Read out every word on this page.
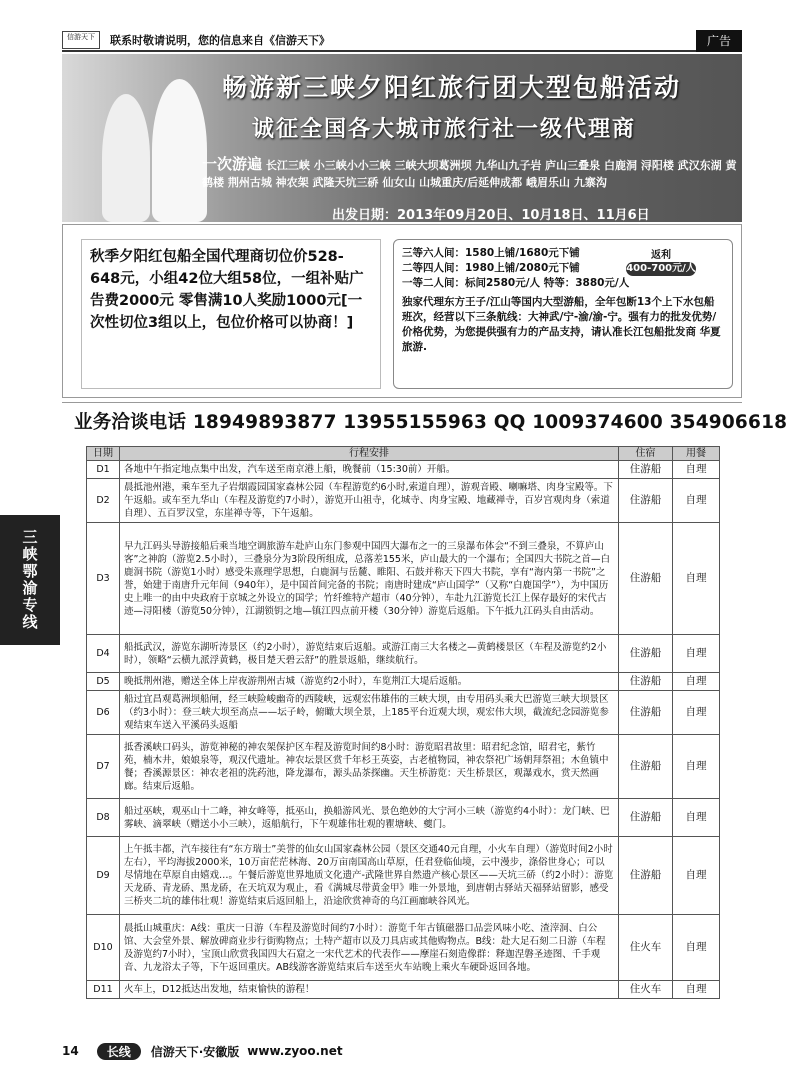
信游天下	联系时敬请说明，您的信息来自《信游天下》	广告
三峡鄂渝专线
畅游新三峡夕阳红旅行团大型包船活动
诚征全国各大城市旅行社一级代理商
一次游遍 长江三峡 小三峡小小三峡 三峡大坝葛洲坝 九华山九子岩 庐山三叠泉 白鹿洞 浔阳楼 武汉东湖 黄鹤楼 荆州古城 神农架 武隆天坑三硚 仙女山 山城重庆/后延伸成都 峨眉乐山 九寨沟
出发日期：2013年09月20日、10月18日、11月6日
秋季夕阳红包船全国代理商切位价528-648元，小组42位大组58位，一组补贴广告费2000元 零售满10人奖励1000元[一次性切位3组以上，包位价格可以协商！]
三等六人间：1580上铺/1680元下铺
二等四人间：1980上铺/2080元下铺
一等二人间：标间2580元/人 特等：3880元/人
返利
400-700元/人
独家代理东方王子/江山等国内大型游船，全年包断13个上下水包船班次，经营以下三条航线：大神武/宁-渝/渝-宁。强有力的批发优势/价格优势，为您提供强有力的产品支持，请认准长江包船批发商 华夏旅游.
业务洽谈电话 18949893877 13955155963 QQ 1009374600 354906618
日期	行程安排	住宿	用餐
D1	各地中午指定地点集中出发，汽车送至南京港上船，晚餐前（15:30前）开船。	住游船	自理
D2	晨抵池州港，乘车至九子岩烟霞园国家森林公园（车程游览约6小时,索道自理），游观音殿、喇嘛塔、肉身宝殿等。下午返船。或车至九华山（车程及游览约7小时），游览开山祖寺，化城寺、肉身宝殿、地藏禅寺，百岁宫观肉身（索道自理）、五百罗汉堂，东崖禅寺等，下午返船。	住游船	自理
D3	早九江码头导游接船后乘当地空调旅游车赴庐山东门参观中国四大瀑布之一的三泉瀑布体会“不到三叠泉，不算庐山客”之神韵（游览2.5小时），三叠泉分为3阶段所组成，总落差155米，庐山最大的一个瀑布；全国四大书院之首—白鹿洞书院（游览1小时）感受朱熹理学思想，白鹿洞与岳麓、睢阳、石鼓并称天下四大书院，享有“海内第一书院”之誉，始建于南唐升元年间（940年），是中国首间完备的书院；南唐时建成“庐山国学”（又称“白鹿国学”），为中国历史上唯一的由中央政府于京城之外设立的国学；竹纤维特产超市（40分钟），车赴九江游览长江上保存最好的宋代古迹—浔阳楼（游览50分钟），江湖锁钥之地—镇江四点前开楼（30分钟）游览后返船。下午抵九江码头自由活动。	住游船	自理
D4	船抵武汉，游览东湖听涛景区（约2小时），游览结束后返船。或游江南三大名楼之—黄鹤楼景区（车程及游览约2小时），领略“云横九派浮黄鹤，极目楚天碧云舒”的胜景返船，继续航行。	住游船	自理
D5	晚抵荆州港，赠送全体上岸夜游荆州古城（游览约2小时），车览荆江大堤后返船。	住游船	自理
D6	船过宜昌观葛洲坝船闸，经三峡险峻幽奇的西陵峡，远观宏伟雄伟的三峡大坝，由专用码头乘大巴游览三峡大坝景区（约3小时）：登三峡大坝至高点——坛子岭，俯瞰大坝全景，上185平台近观大坝，观宏伟大坝，截流纪念园游览参观结束车送入平溪码头返船	住游船	自理
D7	抵香溪峡口码头，游览神秘的神农架保护区车程及游览时间约8小时：游览昭君故里：昭君纪念馆，昭君宅，紫竹苑，楠木井，娘娘泉等，观汉代遗址。神农坛景区赏千年杉王英姿，古老植物园，神农祭祀广场朝拜祭祖；木鱼镇中餐；香溪源景区：神农老祖的洗药池，降龙瀑布，源头品茶探幽。天生桥游览：天生桥景区，观瀑戏水，赏天然画廊。结束后返船。	住游船	自理
D8	船过巫峡，观巫山十二峰，神女峰等，抵巫山，换船游风光、景色绝妙的大宁河小三峡（游览约4小时）：龙门峡、巴雾峡、滴翠峡（赠送小小三峡），返船航行，下午观雄伟壮观的瞿塘峡、夔门。	住游船	自理
D9	上午抵丰都，汽车接往有“东方瑞士”美誉的仙女山国家森林公园（景区交通40元自理，小火车自理）（游览时间2小时左右），平均海拔2000米，10万亩茫茫林海、20万亩南国高山草原，任君登临仙境，云中漫步，涤俗世身心；可以尽情地在草原自由嬉戏…。午餐后游览世界地质文化遗产-武隆世界自然遗产核心景区——天坑三硚（约2小时）：游览天龙硚、青龙硚、黑龙硚，在天坑双为观止，看《满城尽带黄金甲》唯一外景地，到唐朝古驿站天福驿站留影，感受三桥夹二坑的雄伟壮观！游览结束后返回船上，沿途欣赏神奇的乌江画廊峡谷风光。	住游船	自理
D10	晨抵山城重庆：A线：重庆一日游（车程及游览时间约7小时）：游览千年古镇磁器口品尝风味小吃、渣滓洞、白公馆、大会堂外景、解放碑商业步行街购物点；土特产超市以及刀具店或其他购物点。B线：赴大足石刻二日游（车程及游览约7小时），宝顶山欣赏我国四大石窟之一宋代艺术的代表作——摩崖石刻造像群：释迦涅磐圣迹图、千手观音、九龙浴太子等，下午返回重庆。AB线游客游览结束后车送至火车站晚上乘火车硬卧返回各地。	住火车	自理
D11	火车上，D12抵达出发地，结束愉快的游程！	住火车	自理
14	长线	信游天下·安徽版 www.zyoo.net
